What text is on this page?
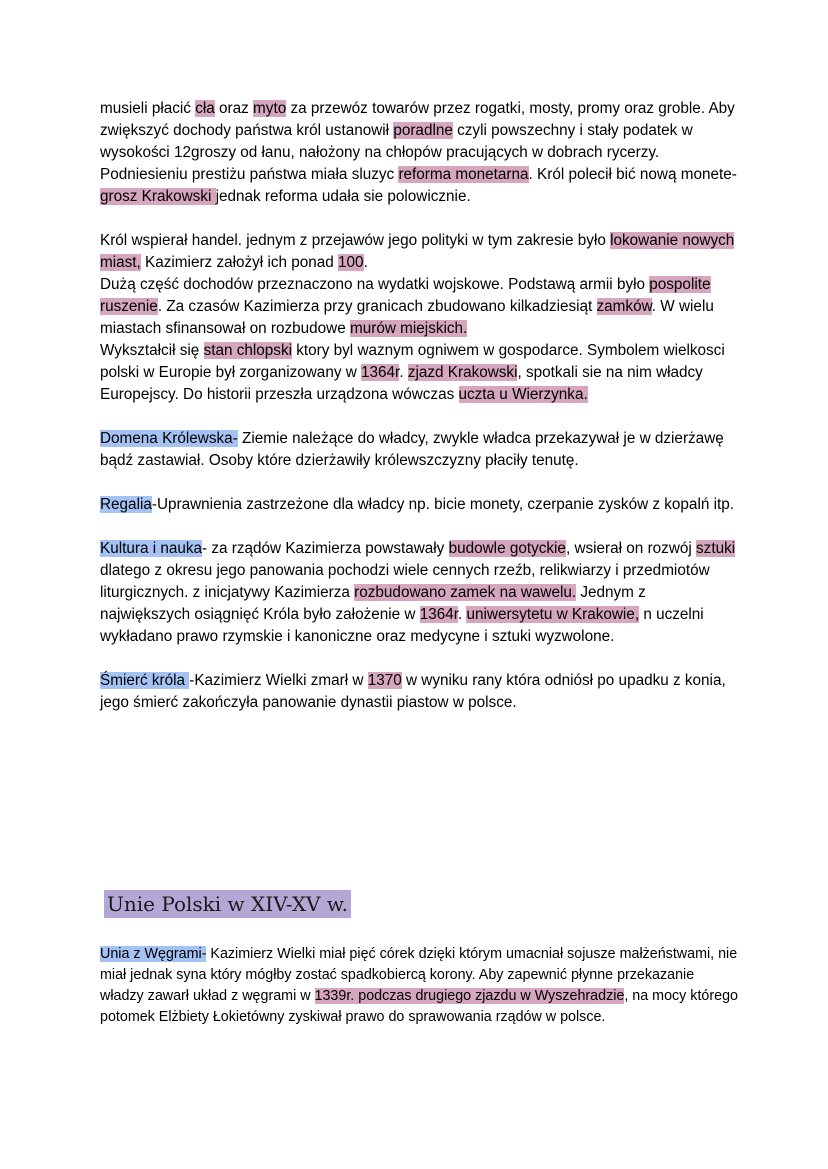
musieli płacić cła oraz myto za przewóz towarów przez rogatki, mosty, promy oraz groble. Aby zwiększyć dochody państwa król ustanowił poradlne czyli powszechny i stały podatek w wysokości 12groszy od łanu, nałożony na chłopów pracujących w dobrach rycerzy.

Podniesieniu prestiżu państwa miała sluzyc reforma monetarna. Król polecił bić nową monete- grosz Krakowski jednak reforma udała sie polowicznie.

Król wspierał handel. jednym z przejawów jego polityki w tym zakresie było lokowanie nowych miast, Kazimierz założył ich ponad 100.

Dużą część dochodów przeznaczono na wydatki wojskowe. Podstawą armii było pospolite ruszenie. Za czasów Kazimierza przy granicach zbudowano kilkadziesiąt zamków. W wielu miastach sfinansował on rozbudowe murów miejskich.

Wykształcił się stan chlopski ktory byl waznym ogniwem w gospodarce. Symbolem wielkosci polski w Europie był zorganizowany w 1364r. zjazd Krakowski, spotkali sie na nim władcy Europejscy. Do historii przeszła urządzona wówczas uczta u Wierzynka.

Domena Królewska- Ziemie należące do władcy, zwykle władca przekazywał je w dzierżawę bądź zastawiał. Osoby które dzierżawiły królewszczyzny płaciły tenutę.

Regalia-Uprawnienia zastrzeżone dla władcy np. bicie monety, czerpanie zysków z kopalń itp.

Kultura i nauka- za rządów Kazimierza powstawały budowle gotyckie, wsierał on rozwój sztuki dlatego z okresu jego panowania pochodzi wiele cennych rzeźb, relikwiarzy i przedmiotów liturgicznych. z inicjatywy Kazimierza rozbudowano zamek na wawelu. Jednym z największych osiągnięć Króla było założenie w 1364r. uniwersytetu w Krakowie, n uczelni wykładano prawo rzymskie i kanoniczne oraz medycyne i sztuki wyzwolone.

Śmierć króla -Kazimierz Wielki zmarł w 1370 w wyniku rany która odniósł po upadku z konia, jego śmierć zakończyła panowanie dynastii piastow w polsce.

Unie Polski w XIV-XV w.

Unia z Węgrami- Kazimierz Wielki miał pięć córek dzięki którym umacniał sojusze małżeństwami, nie miał jednak syna który mógłby zostać spadkobiercą korony. Aby zapewnić płynne przekazanie władzy zawarł układ z węgrami w 1339r. podczas drugiego zjazdu w Wyszehradzie, na mocy którego potomek Elżbiety Łokietówny zyskiwał prawo do sprawowania rządów w polsce.
